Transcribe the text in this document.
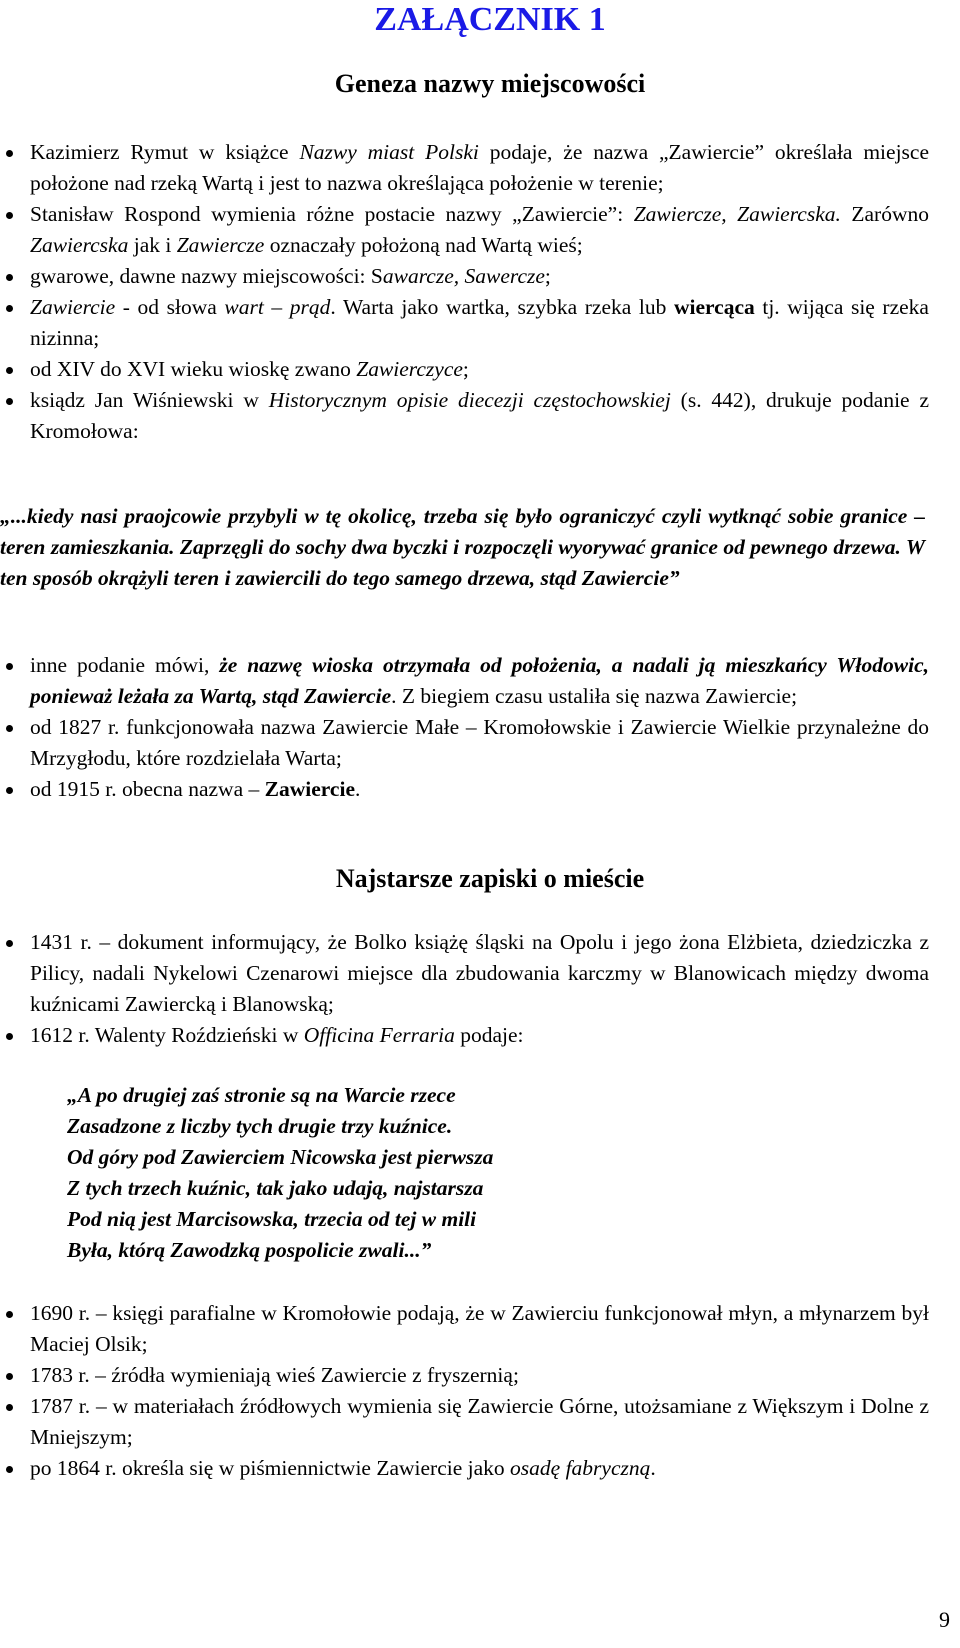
ZAŁĄCZNIK 1
Geneza nazwy miejscowości
Kazimierz Rymut w książce Nazwy miast Polski podaje, że nazwa „Zawiercie” określała miejsce położone nad rzeką Wartą i jest to nazwa określająca położenie w terenie;
Stanisław Rospond wymienia różne postacie nazwy „Zawiercie”: Zawiercze, Zawiercska. Zarówno Zawiercska jak i Zawiercze oznaczały położoną nad Wartą wieś;
gwarowe, dawne nazwy miejscowości: Sawarcze, Sawercze;
Zawiercie - od słowa wart – prąd. Warta jako wartka, szybka rzeka lub wiercąca tj. wijąca się rzeka nizinna;
od XIV do XVI wieku wioskę zwano Zawierczyce;
ksiądz Jan Wiśniewski w Historycznym opisie diecezji częstochowskiej (s. 442), drukuje podanie z Kromołowa:
„...kiedy nasi praojcowie przybyli w tę okolicę, trzeba się było ograniczyć czyli wytknąć sobie granice – teren zamieszkania. Zaprzęgli do sochy dwa byczki i rozpoczęli wyorywać granice od pewnego drzewa. W ten sposób okrążyli teren i zawiercili do tego samego drzewa, stąd Zawiercie”
inne podanie mówi, że nazwę wioska otrzymała od położenia, a nadali ją mieszkańcy Włodowic, ponieważ leżała za Wartą, stąd Zawiercie. Z biegiem czasu ustaliła się nazwa Zawiercie;
od 1827 r. funkcjonowała nazwa Zawiercie Małe – Kromołowskie i Zawiercie Wielkie przynależne do Mrzygłodu, które rozdzielała Warta;
od 1915 r. obecna nazwa – Zawiercie.
Najstarsze zapiski o mieście
1431 r. – dokument informujący, że Bolko książę śląski na Opolu i jego żona Elżbieta, dziedziczka z Pilicy, nadali Nykelowi Czenarowi miejsce dla zbudowania karczmy w Blanowicach między dwoma kuźnicami Zawiercką i Blanowską;
1612 r. Walenty Roździeński w Officina Ferraria podaje:
„A po drugiej zaś stronie są na Warcie rzece
Zasadzone z liczby tych drugie trzy kuźnice.
Od góry pod Zawierciem Nicowska jest pierwsza
Z tych trzech kuźnic, tak jako udają, najstarsza
Pod nią jest Marcisowska, trzecia od tej w mili
Była, którą Zawodzką pospolicie zwali...”
1690 r. – księgi parafialne w Kromołowie podają, że w Zawierciu funkcjonował młyn, a młynarzem był Maciej Olsik;
1783 r. – źródła wymieniają wieś Zawiercie z fryszernią;
1787 r. – w materiałach źródłowych wymienia się Zawiercie Górne, utożsamiane z Większym i Dolne z Mniejszym;
po 1864 r. określa się w piśmiennictwie Zawiercie jako osadę fabryczną.
9
